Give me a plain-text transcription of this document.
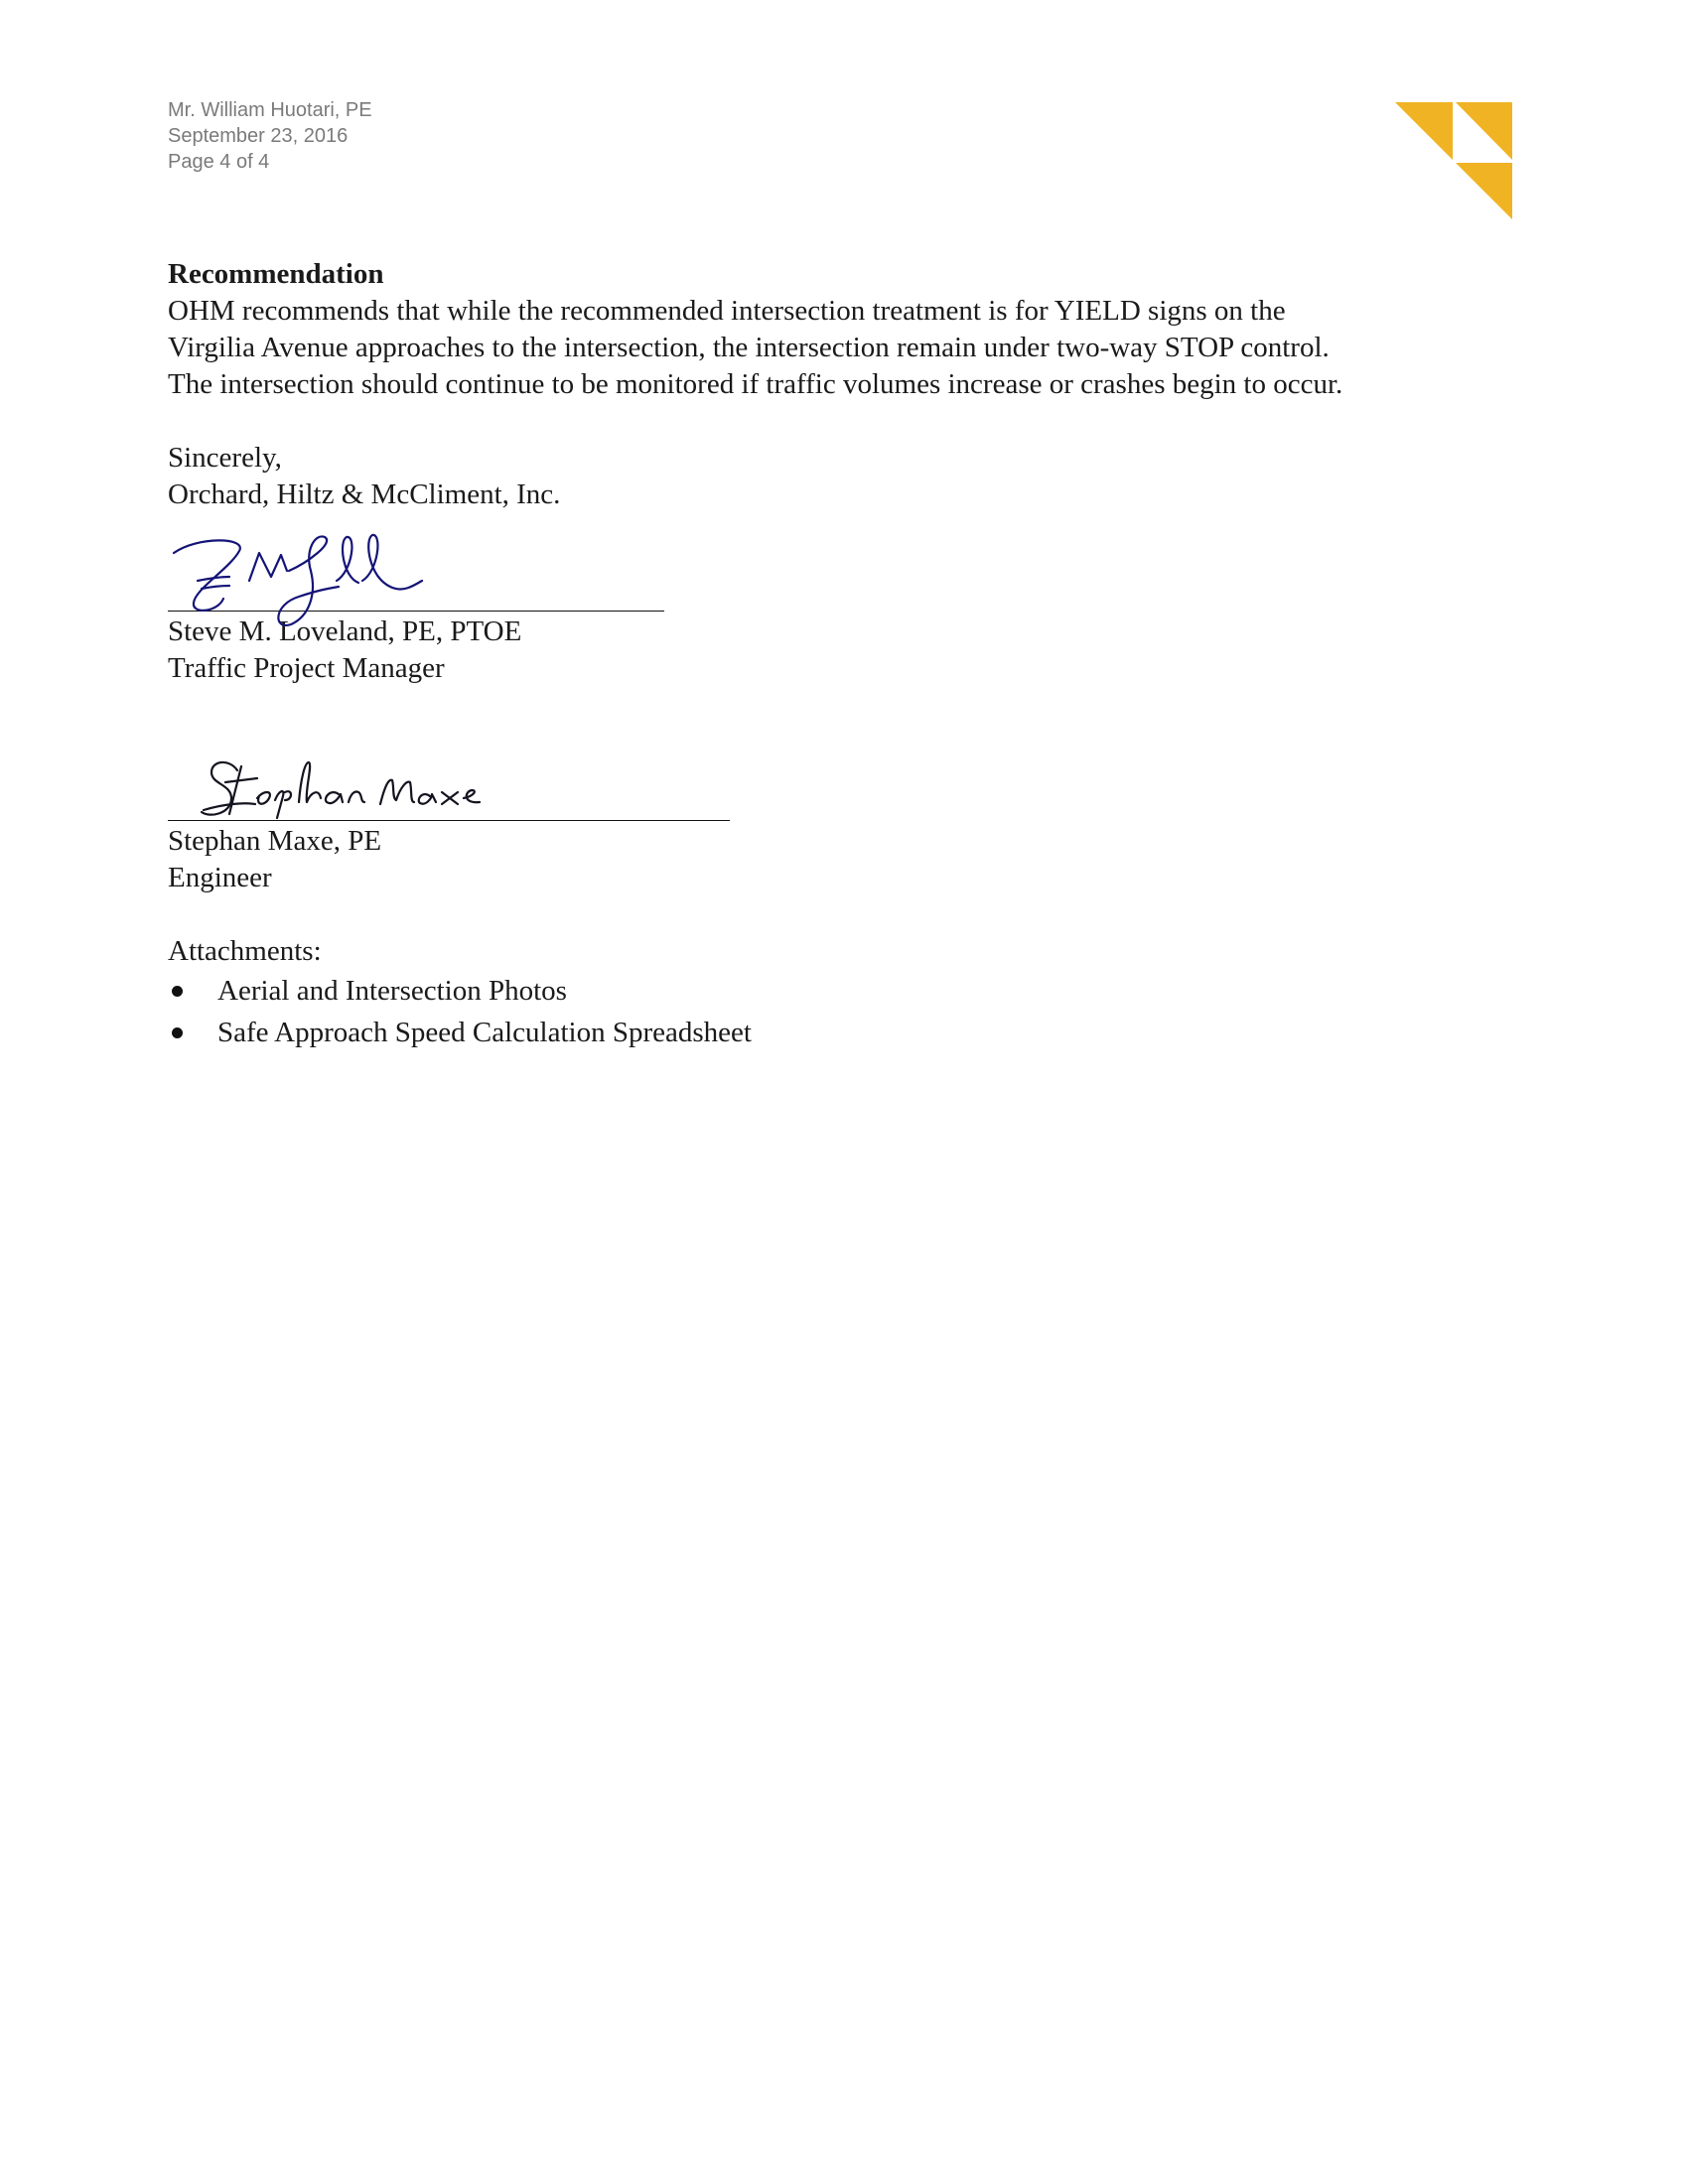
Mr. William Huotari, PE
September 23, 2016
Page 4 of 4
Recommendation

OHM recommends that while the recommended intersection treatment is for YIELD signs on the

Virgilia Avenue approaches to the intersection, the intersection remain under two-way STOP control.

The intersection should continue to be monitored if traffic volumes increase or crashes begin to occur.

Sincerely,
Orchard, Hiltz & McCliment, Inc.
Steve M. Loveland, PE, PTOE
Traffic Project Manager
Stephan Maxe, PE
Engineer
Attachments:
Aerial and Intersection Photos
Safe Approach Speed Calculation Spreadsheet
